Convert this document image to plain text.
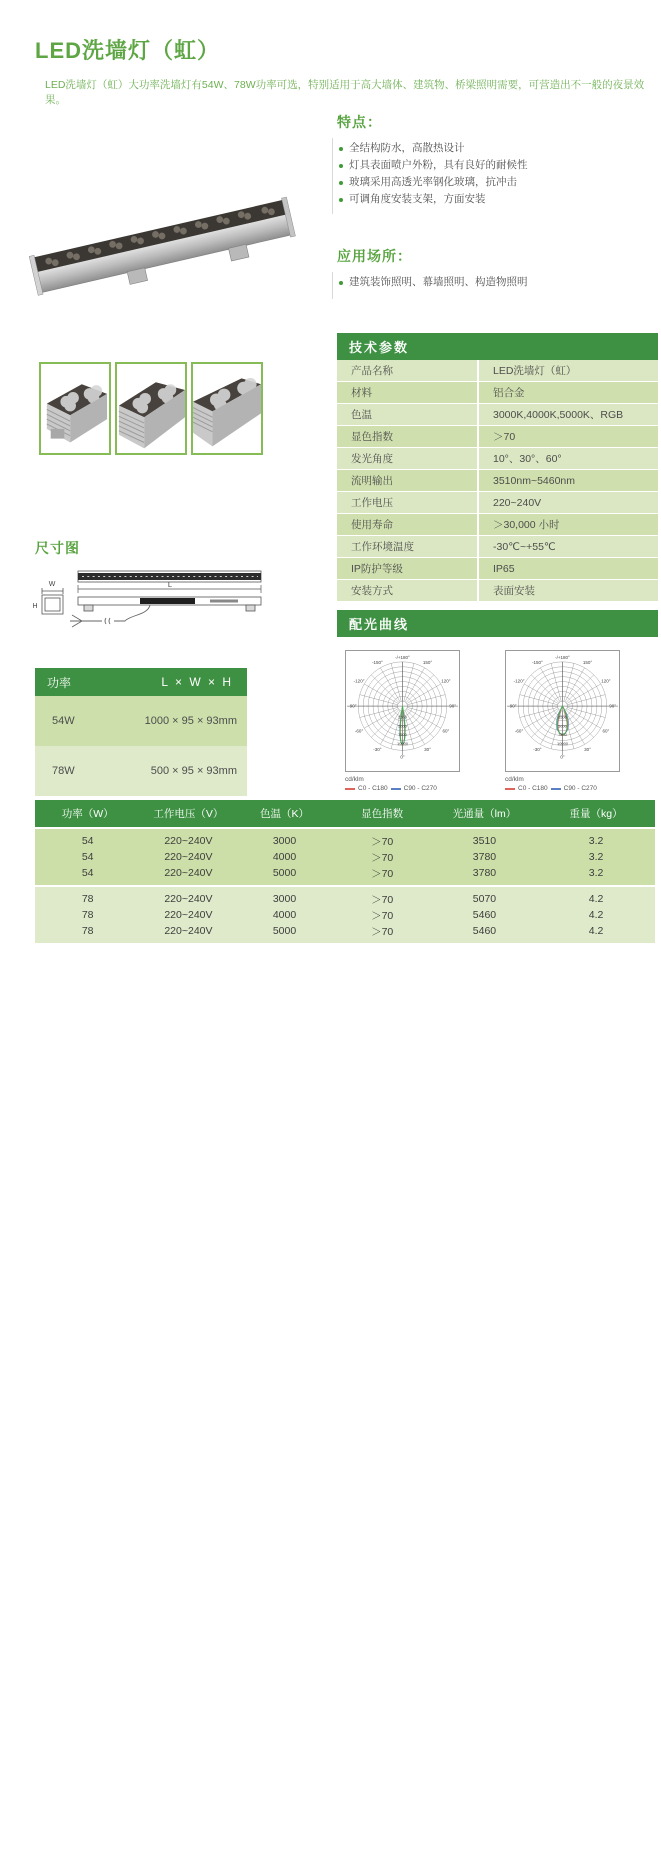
LED洗墙灯（虹）
LED洗墙灯（虹）大功率洗墙灯有54W、78W功率可选，特别适用于高大墙体、建筑物、桥梁照明需要，可营造出不一般的夜景效果。
特点：
全结构防水，高散热设计
灯具表面喷户外粉，具有良好的耐候性
玻璃采用高透光率钢化玻璃，抗冲击
可调角度安装支架，方面安装
应用场所：
建筑装饰照明、幕墙照明、构造物照明
技术参数
产品名称	LED洗墙灯（虹）
材料	铝合金
色温	3000K,4000K,5000K、RGB
显色指数	＞70
发光角度	10°、30°、60°
流明输出	3510nm~5460nm
工作电压	220~240V
使用寿命	＞30,000 小时
工作环境温度	-30℃~+55℃
IP防护等级	IP65
安装方式	表面安装
尺寸图
W
H
L
功率	L × W × H
54W	1000 × 95 × 93mm
78W	500 × 95 × 93mm
配光曲线
-/+180°
0°
150°
-150°
120°
-120°
90°
-90°
60°
-60°
30°
-30°
2500
5000
7500
10000
cd/klm
C0 - C180 C90 - C270
-/+180°
0°
150°
-150°
120°
-120°
90°
-90°
60°
-60°
30°
-30°
2500
5000
7500
10000
cd/klm
C0 - C180 C90 - C270
功率（W）	工作电压（V）	色温（K）	显色指数	光通量（lm）	重量（kg）
54	220~240V	3000	＞70	3510	3.2
54	220~240V	4000	＞70	3780	3.2
54	220~240V	5000	＞70	3780	3.2
78	220~240V	3000	＞70	5070	4.2
78	220~240V	4000	＞70	5460	4.2
78	220~240V	5000	＞70	5460	4.2
